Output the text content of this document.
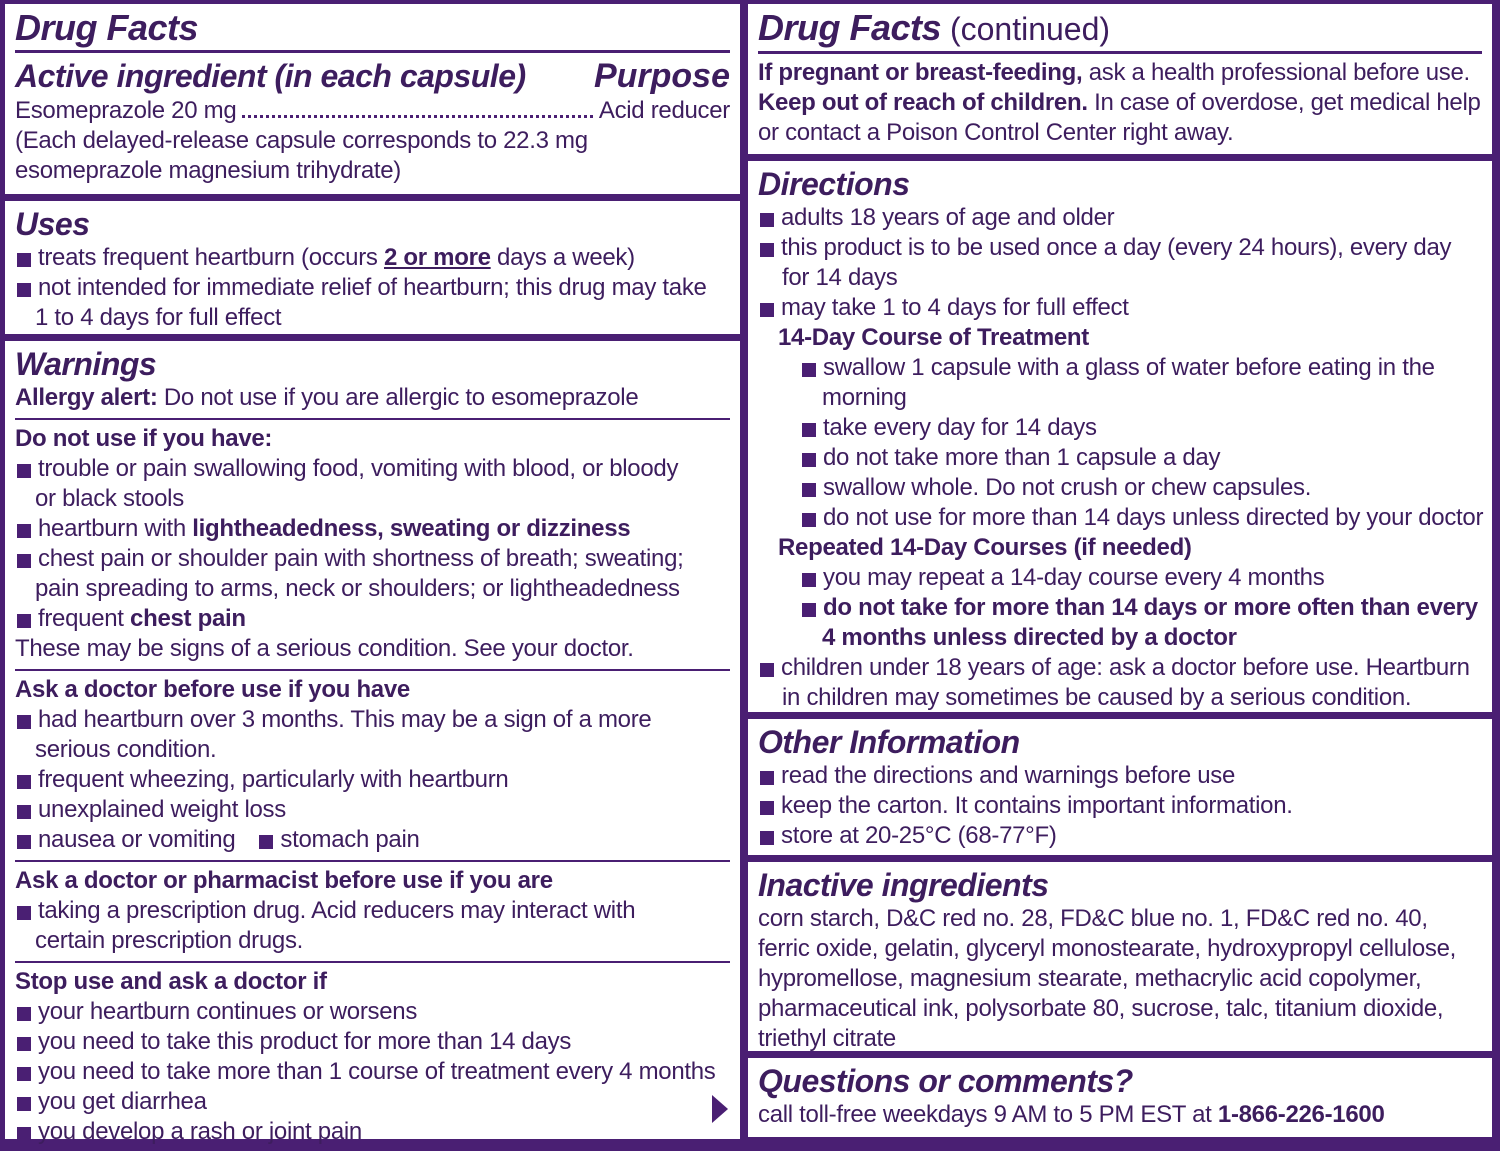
Drug Facts
Active ingredient (in each capsule) Purpose
Esomeprazole 20 mg	Acid reducer
(Each delayed-release capsule corresponds to 22.3 mg
esomeprazole magnesium trihydrate)
Uses
treats frequent heartburn (occurs 2 or more days a week)
not intended for immediate relief of heartburn; this drug may take
1 to 4 days for full effect
Warnings
Allergy alert: Do not use if you are allergic to esomeprazole
Do not use if you have:
trouble or pain swallowing food, vomiting with blood, or bloody
or black stools
heartburn with lightheadedness, sweating or dizziness
chest pain or shoulder pain with shortness of breath; sweating;
pain spreading to arms, neck or shoulders; or lightheadedness
frequent chest pain
These may be signs of a serious condition. See your doctor.
Ask a doctor before use if you have
had heartburn over 3 months. This may be a sign of a more
serious condition.
frequent wheezing, particularly with heartburn
unexplained weight loss
nausea or vomiting	stomach pain
Ask a doctor or pharmacist before use if you are
taking a prescription drug. Acid reducers may interact with
certain prescription drugs.
Stop use and ask a doctor if
your heartburn continues or worsens
you need to take this product for more than 14 days
you need to take more than 1 course of treatment every 4 months
you get diarrhea
you develop a rash or joint pain
Drug Facts (continued)
If pregnant or breast-feeding, ask a health professional before use.
Keep out of reach of children. In case of overdose, get medical help
or contact a Poison Control Center right away.
Directions
adults 18 years of age and older
this product is to be used once a day (every 24 hours), every day
for 14 days
may take 1 to 4 days for full effect
14-Day Course of Treatment
swallow 1 capsule with a glass of water before eating in the
morning
take every day for 14 days
do not take more than 1 capsule a day
swallow whole. Do not crush or chew capsules.
do not use for more than 14 days unless directed by your doctor
Repeated 14-Day Courses (if needed)
you may repeat a 14-day course every 4 months
do not take for more than 14 days or more often than every
4 months unless directed by a doctor
children under 18 years of age: ask a doctor before use. Heartburn
in children may sometimes be caused by a serious condition.
Other Information
read the directions and warnings before use
keep the carton. It contains important information.
store at 20-25°C (68-77°F)
Inactive ingredients
corn starch, D&C red no. 28, FD&C blue no. 1, FD&C red no. 40,
ferric oxide, gelatin, glyceryl monostearate, hydroxypropyl cellulose,
hypromellose, magnesium stearate, methacrylic acid copolymer,
pharmaceutical ink, polysorbate 80, sucrose, talc, titanium dioxide,
triethyl citrate
Questions or comments?
call toll-free weekdays 9 AM to 5 PM EST at 1-866-226-1600
